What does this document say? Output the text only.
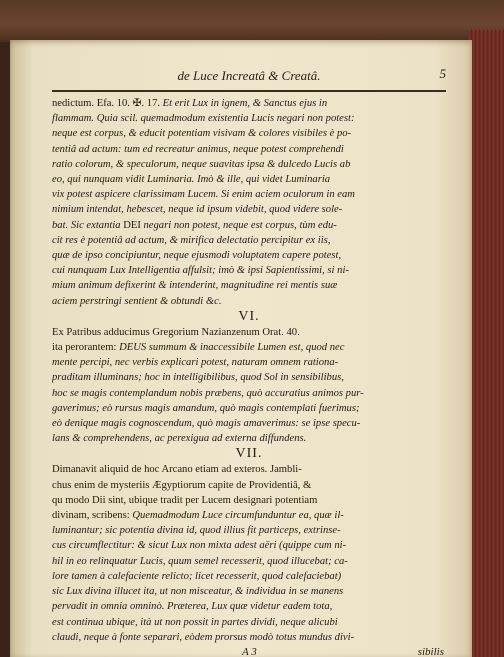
de Luce Increatâ & Creatâ.	5
nedictum. Efa. 10. ✠. 17. Et erit Lux in ignem, & Sanctus ejus in
flammam. Quia scil. quemadmodum existentia Lucis negari non potest:
neque est corpus, & educit potentiam visivam & colores visibiles è po-
tentiâ ad actum: tum ed recreatur animus, neque potest comprehendi
ratio colorum, & speculorum, neque suavitas ipsa & dulcedo Lucis ab
eo, qui nunquam vidit Luminaria. Imò & ille, qui videt Luminaria
vix potest aspicere clarissimam Lucem. Si enim aciem oculorum in eam
nimium intendat, hebescet, neque id ipsum videbit, quod videre sole-
bat. Sic extantia DEI negari non potest, neque est corpus, tùm edu-
cit res è potentiâ ad actum, & mirifica delectatio percipitur ex iis,
quæ de ipso concipiuntur, neque ejusmodi voluptatem capere potest,
cui nunquam Lux Intelligentia affulsit; imò & ipsi Sapientissimi, si ni-
mium animum defixerint & intenderint, magnitudine rei mentis suæ
aciem perstringi sentient & obtundi &c.
VI.
Ex Patribus adducimus Gregorium Nazianzenum Orat. 40.
ita perorantem: DEUS summum & inaccessibile Lumen est, quod nec
mente percipi, nec verbis explicari potest, naturam omnem rationa-
praditam illuminans; hoc in intelligibilibus, quod Sol in sensibilibus,
hoc se magis contemplandum nobis præbens, quò accuratius animos pur-
gaverimus; eò rursus magis amandum, quò magis contemplati fuerimus;
eò denique magis cognoscendum, quò magis amaverimus: se ipse specu-
lans & comprehendens, ac perexigua ad externa diffundens.
VII.
Dimanavit aliquid de hoc Arcano etiam ad exteros. Jambli-
chus enim de mysteriis Ægyptiorum capite de Providentiâ, &
qu modo Dii sint, ubique tradit per Lucem designari potentiam
divinam, scribens: Quemadmodum Luce circumfunduntur ea, quæ il-
luminantur; sic potentia divina id, quod illius fit particeps, extrinse-
cus circumflectitur: & sicut Lux non mixta adest aëri (quippe cum ni-
hil in eo relinquatur Lucis, quum semel recesserit, quod illucebat; ca-
lore tamen à calefaciente relicto; licet recesserit, quod calefaciebat)
sic Lux divina illucet ita, ut non misceatur, & individua in se manens
pervadit in omnia omninò. Præterea, Lux quæ videtur eadem tota,
est continua ubique, ità ut non possit in partes dividi, neque alicubi
claudi, neque à fonte separari, eòdem prorsus modò totus mundus divi-
A 3	sibilis
